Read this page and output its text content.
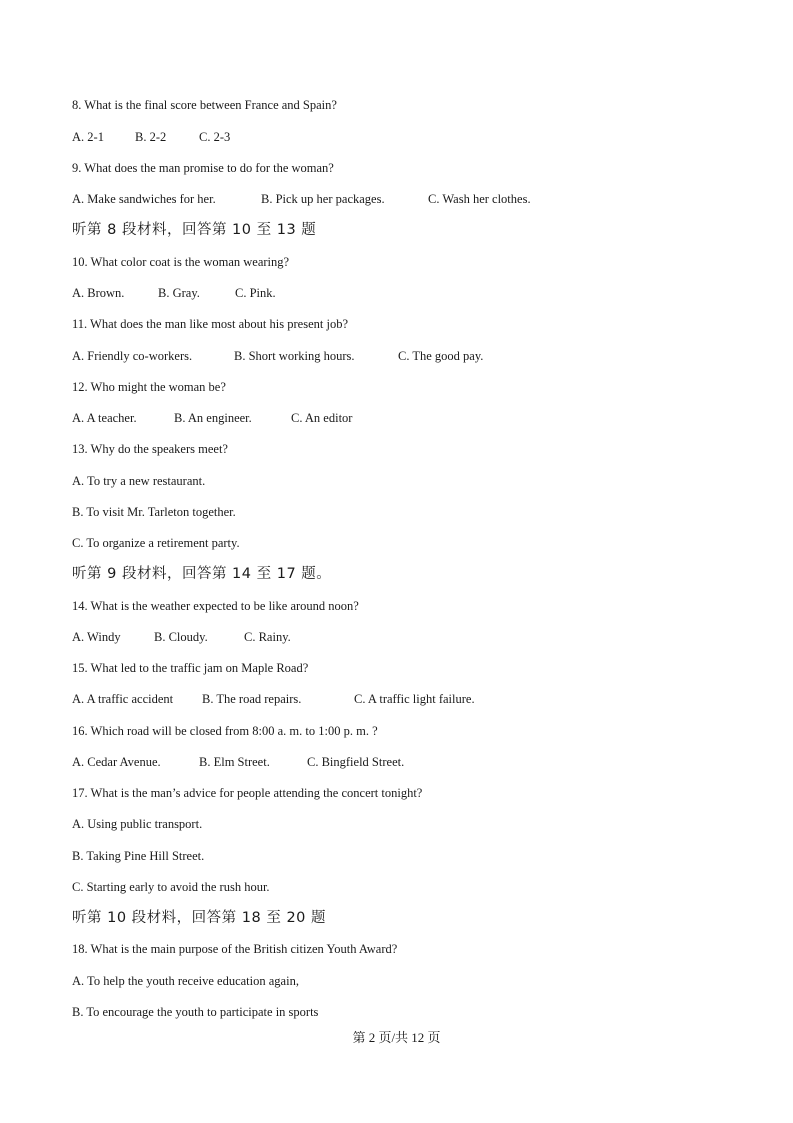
8. What is the final score between France and Spain?
A. 2-1 B. 2-2	C. 2-3
9. What does the man promise to do for the woman?
A. Make sandwiches for her.	B. Pick up her packages.	C. Wash her clothes.
听第 8 段材料，回答第 10 至 13 题
10. What color coat is the woman wearing?
A. Brown.	B. Gray.	C. Pink.
11. What does the man like most about his present job?
A. Friendly co-workers.	B. Short working hours.	C. The good pay.
12. Who might the woman be?
A. A teacher.	B. An engineer.	C. An editor
13. Why do the speakers meet?
A. To try a new restaurant.
B. To visit Mr. Tarleton together.
C. To organize a retirement party.
听第 9 段材料，回答第 14 至 17 题。
14. What is the weather expected to be like around noon?
A. Windy	B. Cloudy.	C. Rainy.
15. What led to the traffic jam on Maple Road?
A. A traffic accident B. The road repairs.	C. A traffic light failure.
16. Which road will be closed from 8:00 a. m. to 1:00 p. m. ?
A. Cedar Avenue.	B. Elm Street.	C. Bingfield Street.
17. What is the man’s advice for people attending the concert tonight?
A. Using public transport.
B. Taking Pine Hill Street.
C. Starting early to avoid the rush hour.
听第 10 段材料，回答第 18 至 20 题
18. What is the main purpose of the British citizen Youth Award?
A. To help the youth receive education again,
B. To encourage the youth to participate in sports
第 2 页/共 12 页
